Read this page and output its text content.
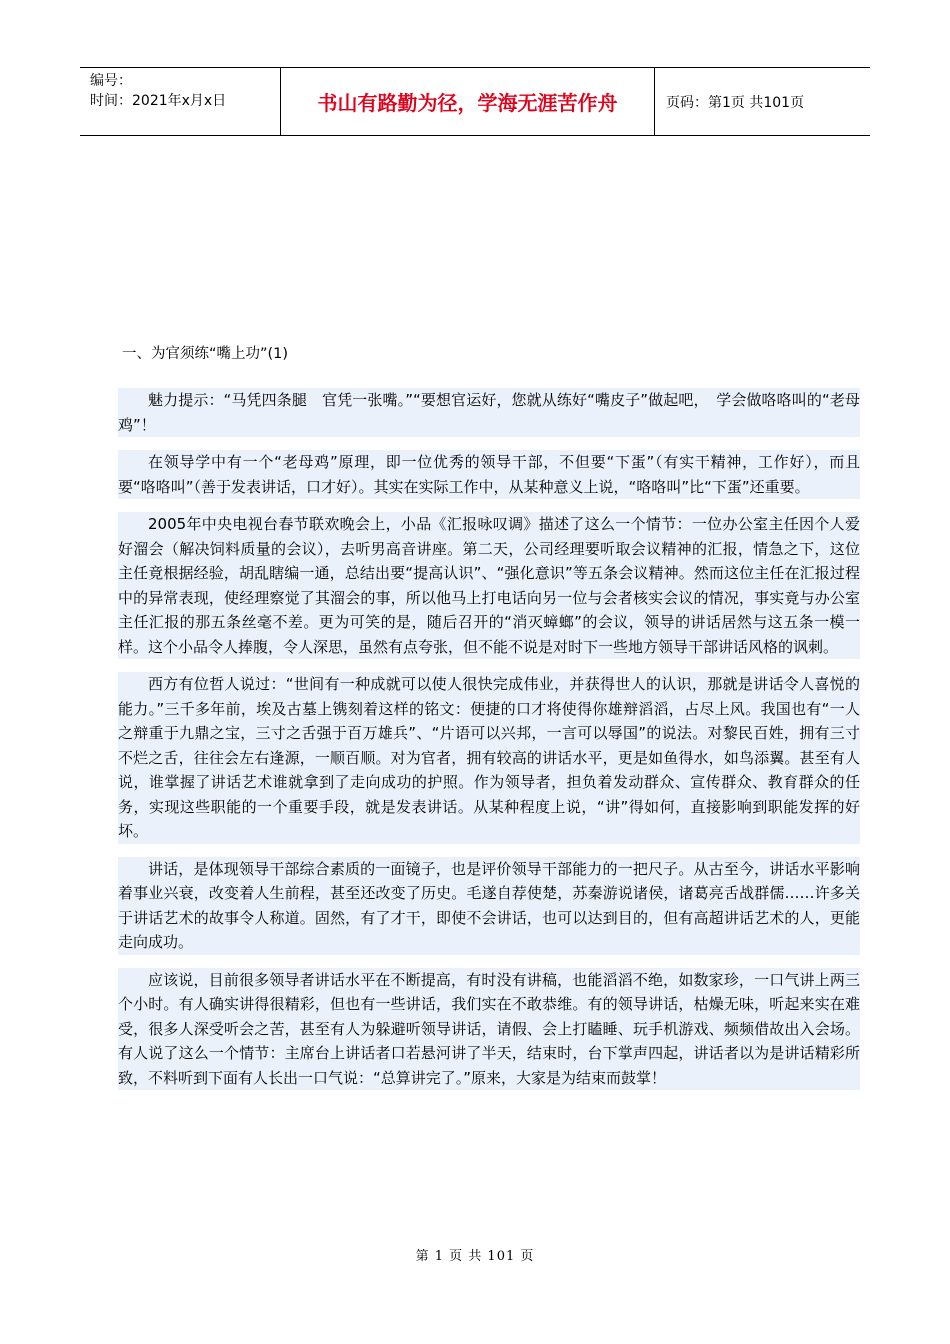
编号：
时间：2021年x月x日	书山有路勤为径，学海无涯苦作舟	页码：第1页 共101页
一、为官须练“嘴上功”(1)

魅力提示：“马凭四条腿　官凭一张嘴。”“要想官运好，您就从练好“嘴皮子”做起吧，　学会做咯咯叫的“老母鸡”！

在领导学中有一个“老母鸡”原理，即一位优秀的领导干部，不但要“下蛋”（有实干精神，工作好），而且要“咯咯叫”（善于发表讲话，口才好）。其实在实际工作中，从某种意义上说，“咯咯叫”比“下蛋”还重要。

2005年中央电视台春节联欢晚会上，小品《汇报咏叹调》描述了这么一个情节：一位办公室主任因个人爱好溜会（解决饲料质量的会议），去听男高音讲座。第二天，公司经理要听取会议精神的汇报，情急之下，这位主任竟根据经验，胡乱瞎编一通，总结出要“提高认识”、“强化意识”等五条会议精神。然而这位主任在汇报过程中的异常表现，使经理察觉了其溜会的事，所以他马上打电话向另一位与会者核实会议的情况，事实竟与办公室主任汇报的那五条丝毫不差。更为可笑的是，随后召开的“消灭蟑螂”的会议，领导的讲话居然与这五条一模一样。这个小品令人捧腹，令人深思，虽然有点夸张，但不能不说是对时下一些地方领导干部讲话风格的讽刺。

西方有位哲人说过：“世间有一种成就可以使人很快完成伟业，并获得世人的认识，那就是讲话令人喜悦的能力。”三千多年前，埃及古墓上镌刻着这样的铭文：便捷的口才将使得你雄辩滔滔，占尽上风。我国也有“一人之辩重于九鼎之宝，三寸之舌强于百万雄兵”、“片语可以兴邦，一言可以辱国”的说法。对黎民百姓，拥有三寸不烂之舌，往往会左右逢源，一顺百顺。对为官者，拥有较高的讲话水平，更是如鱼得水，如鸟添翼。甚至有人说，谁掌握了讲话艺术谁就拿到了走向成功的护照。作为领导者，担负着发动群众、宣传群众、教育群众的任务，实现这些职能的一个重要手段，就是发表讲话。从某种程度上说，“讲”得如何，直接影响到职能发挥的好坏。

讲话，是体现领导干部综合素质的一面镜子，也是评价领导干部能力的一把尺子。从古至今，讲话水平影响着事业兴衰，改变着人生前程，甚至还改变了历史。毛遂自荐使楚，苏秦游说诸侯，诸葛亮舌战群儒……许多关于讲话艺术的故事令人称道。固然，有了才干，即使不会讲话，也可以达到目的，但有高超讲话艺术的人，更能走向成功。

应该说，目前很多领导者讲话水平在不断提高，有时没有讲稿，也能滔滔不绝，如数家珍，一口气讲上两三个小时。有人确实讲得很精彩，但也有一些讲话，我们实在不敢恭维。有的领导讲话，枯燥无味，听起来实在难受，很多人深受听会之苦，甚至有人为躲避听领导讲话，请假、会上打瞌睡、玩手机游戏、频频借故出入会场。有人说了这么一个情节：主席台上讲话者口若悬河讲了半天，结束时，台下掌声四起，讲话者以为是讲话精彩所致，不料听到下面有人长出一口气说：“总算讲完了。”原来，大家是为结束而鼓掌！

第 1 页 共 101 页
